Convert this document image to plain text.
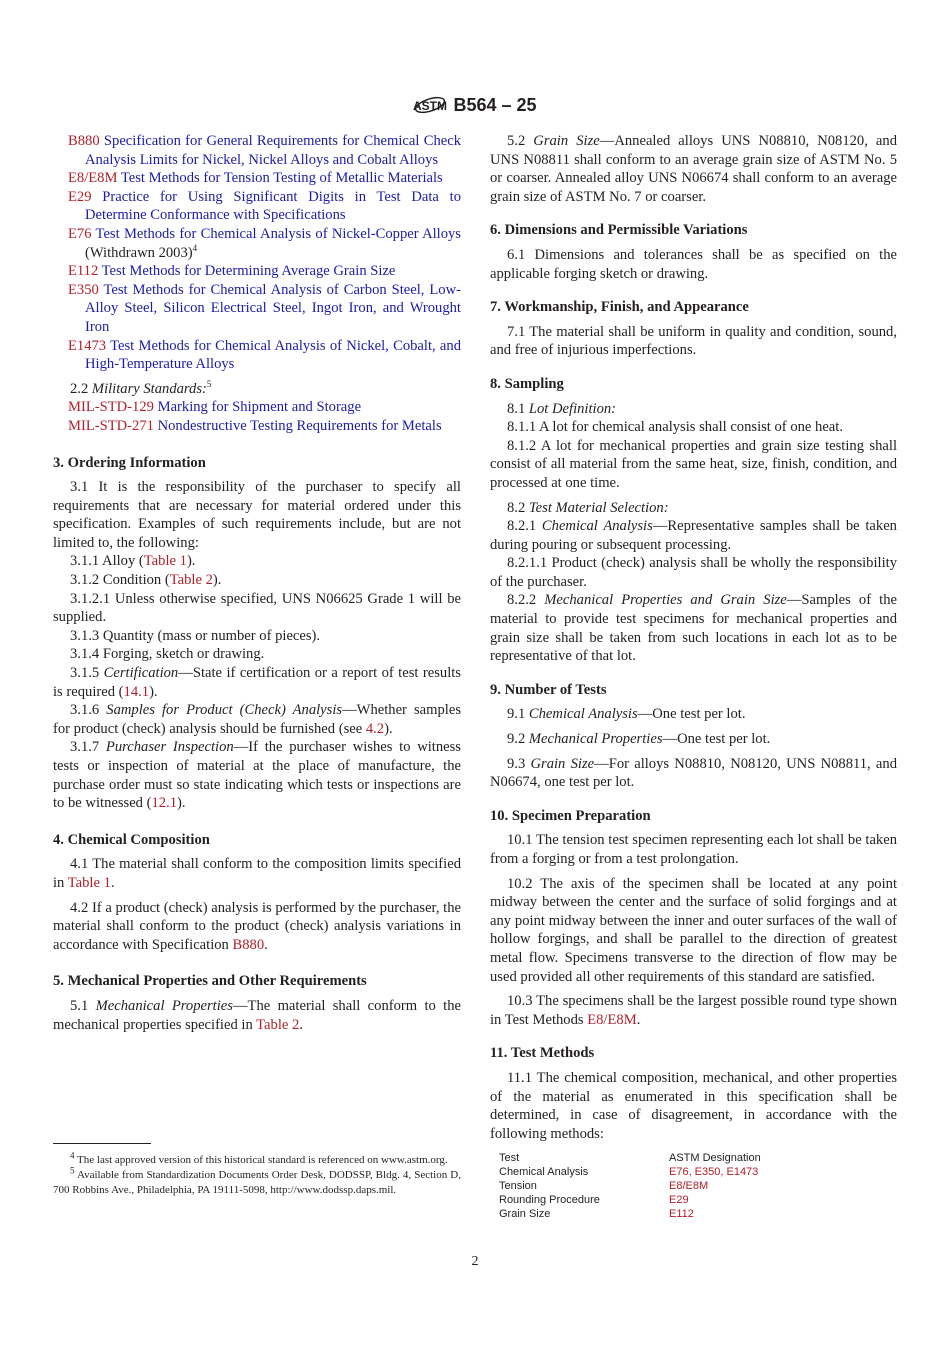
ASTM B564 – 25

B880 Specification for General Requirements for Chemical Check Analysis Limits for Nickel, Nickel Alloys and Cobalt Alloys

E8/E8M Test Methods for Tension Testing of Metallic Materials

E29 Practice for Using Significant Digits in Test Data to Determine Conformance with Specifications

E76 Test Methods for Chemical Analysis of Nickel-Copper Alloys (Withdrawn 2003)$^4$

E112 Test Methods for Determining Average Grain Size

E350 Test Methods for Chemical Analysis of Carbon Steel, Low-Alloy Steel, Silicon Electrical Steel, Ingot Iron, and Wrought Iron

E1473 Test Methods for Chemical Analysis of Nickel, Cobalt, and High-Temperature Alloys

2.2 Military Standards:$^5$

MIL-STD-129 Marking for Shipment and Storage

MIL-STD-271 Nondestructive Testing Requirements for Metals

3. Ordering Information

3.1 It is the responsibility of the purchaser to specify all requirements that are necessary for material ordered under this specification. Examples of such requirements include, but are not limited to, the following:

3.1.1 Alloy (Table 1).

3.1.2 Condition (Table 2).

3.1.2.1 Unless otherwise specified, UNS N06625 Grade 1 will be supplied.

3.1.3 Quantity (mass or number of pieces).

3.1.4 Forging, sketch or drawing.

3.1.5 Certification—State if certification or a report of test results is required (14.1).

3.1.6 Samples for Product (Check) Analysis—Whether samples for product (check) analysis should be furnished (see 4.2).

3.1.7 Purchaser Inspection—If the purchaser wishes to witness tests or inspection of material at the place of manufacture, the purchase order must so state indicating which tests or inspections are to be witnessed (12.1).

4. Chemical Composition

4.1 The material shall conform to the composition limits specified in Table 1.

4.2 If a product (check) analysis is performed by the purchaser, the material shall conform to the product (check) analysis variations in accordance with Specification B880.

5. Mechanical Properties and Other Requirements

5.1 Mechanical Properties—The material shall conform to the mechanical properties specified in Table 2.

$^4$ The last approved version of this historical standard is referenced on www.astm.org.

$^5$ Available from Standardization Documents Order Desk, DODSSP, Bldg. 4, Section D, 700 Robbins Ave., Philadelphia, PA 19111-5098, http://www.dodssp.daps.mil.

5.2 Grain Size—Annealed alloys UNS N08810, N08120, and UNS N08811 shall conform to an average grain size of ASTM No. 5 or coarser. Annealed alloy UNS N06674 shall conform to an average grain size of ASTM No. 7 or coarser.

6. Dimensions and Permissible Variations

6.1 Dimensions and tolerances shall be as specified on the applicable forging sketch or drawing.

7. Workmanship, Finish, and Appearance

7.1 The material shall be uniform in quality and condition, sound, and free of injurious imperfections.

8. Sampling

8.1 Lot Definition:

8.1.1 A lot for chemical analysis shall consist of one heat.

8.1.2 A lot for mechanical properties and grain size testing shall consist of all material from the same heat, size, finish, condition, and processed at one time.

8.2 Test Material Selection:

8.2.1 Chemical Analysis—Representative samples shall be taken during pouring or subsequent processing.

8.2.1.1 Product (check) analysis shall be wholly the responsibility of the purchaser.

8.2.2 Mechanical Properties and Grain Size—Samples of the material to provide test specimens for mechanical properties and grain size shall be taken from such locations in each lot as to be representative of that lot.

9. Number of Tests

9.1 Chemical Analysis—One test per lot.

9.2 Mechanical Properties—One test per lot.

9.3 Grain Size—For alloys N08810, N08120, UNS N08811, and N06674, one test per lot.

10. Specimen Preparation

10.1 The tension test specimen representing each lot shall be taken from a forging or from a test prolongation.

10.2 The axis of the specimen shall be located at any point midway between the center and the surface of solid forgings and at any point midway between the inner and outer surfaces of the wall of hollow forgings, and shall be parallel to the direction of greatest metal flow. Specimens transverse to the direction of flow may be used provided all other requirements of this standard are satisfied.

10.3 The specimens shall be the largest possible round type shown in Test Methods E8/E8M.

11. Test Methods

11.1 The chemical composition, mechanical, and other properties of the material as enumerated in this specification shall be determined, in case of disagreement, in accordance with the following methods:

Test	ASTM Designation
Chemical Analysis	E76, E350, E1473
Tension	E8/E8M
Rounding Procedure	E29
Grain Size	E112
2
